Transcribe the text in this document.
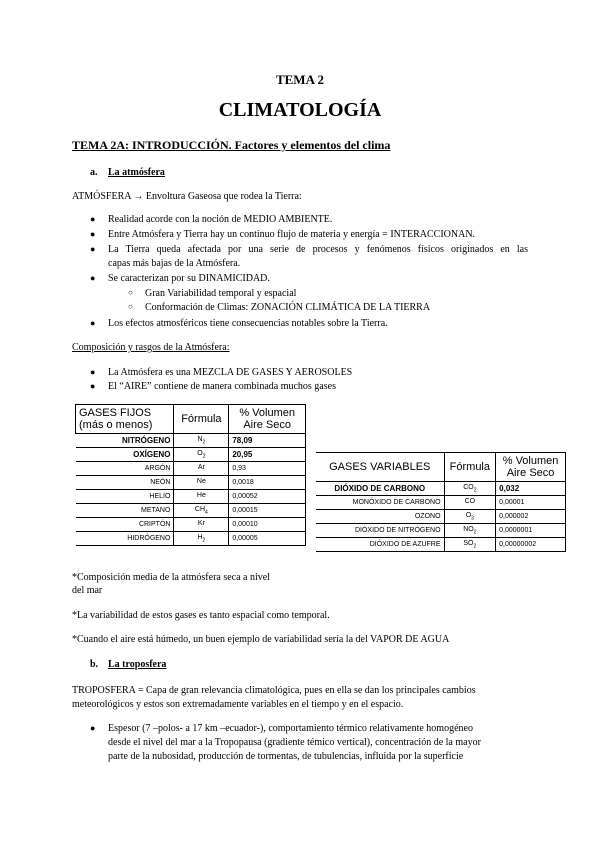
TEMA 2
CLIMATOLOGÍA
TEMA 2A: INTRODUCCIÓN. Factores y elementos del clima
a. La atmósfera
ATMÓSFERA → Envoltura Gaseosa que rodea la Tierra:
● Realidad acorde con la noción de MEDIO AMBIENTE.
● Entre Atmósfera y Tierra hay un continuo flujo de materia y energía = INTERACCIONAN.
● La Tierra queda afectada por una serie de procesos y fenómenos físicos originados en las
capas más bajas de la Atmósfera.
● Se caracterizan por su DINAMICIDAD.
○ Gran Variabilidad temporal y espacial
○ Conformación de Climas: ZONACIÓN CLIMÁTICA DE LA TIERRA
● Los efectos atmosféricos tiene consecuencias notables sobre la Tierra.
Composición y rasgos de la Atmósfera:
● La Atmósfera es una MEZCLA DE GASES Y AEROSOLES
● El “AIRE” contiene de manera combinada muchos gases
GASES FIJOS (más o menos)	Fórmula	% Volumen Aire Seco
NITRÓGENO	$N_2$	78,09
OXÍGENO	$O_2$	20,95
ARGÓN	Ar	0,93
NEÓN	Ne	0,0018
HELIO	He	0,00052
METANO	$CH_4$	0,00015
CRIPTÓN	Kr	0,00010
HIDRÓGENO	$H_2$	0,00005
GASES VARIABLES	Fórmula	% Volumen Aire Seco
DIÓXIDO DE CARBONO	$CO_2$	0,032
MONÓXIDO DE CARBONO	CO	0,00001
OZONO	$O_3$	0,000002
DIÓXIDO DE NITRÓGENO	$NO_2$	0,0000001
DIÓXIDO DE AZUFRE	$SO_2$	0,00000002
*Composición media de la atmósfera seca a nivel
del mar
*La variabilidad de estos gases es tanto espacial como temporal.
*Cuando el aire está húmedo, un buen ejemplo de variabilidad sería la del VAPOR DE AGUA
b. La troposfera
TROPOSFERA = Capa de gran relevancia climatológica, pues en ella se dan los principales cambios
meteorológicos y estos son extremadamente variables en el tiempo y en el espacio.
● Espesor (7 –polos- a 17 km –ecuador-), comportamiento térmico relativamente homogéneo
desde el nivel del mar a la Tropopausa (gradiente témico vertical), concentración de la mayor
parte de la nubosidad, producción de tormentas, de tubulencias, influida por la superficie
